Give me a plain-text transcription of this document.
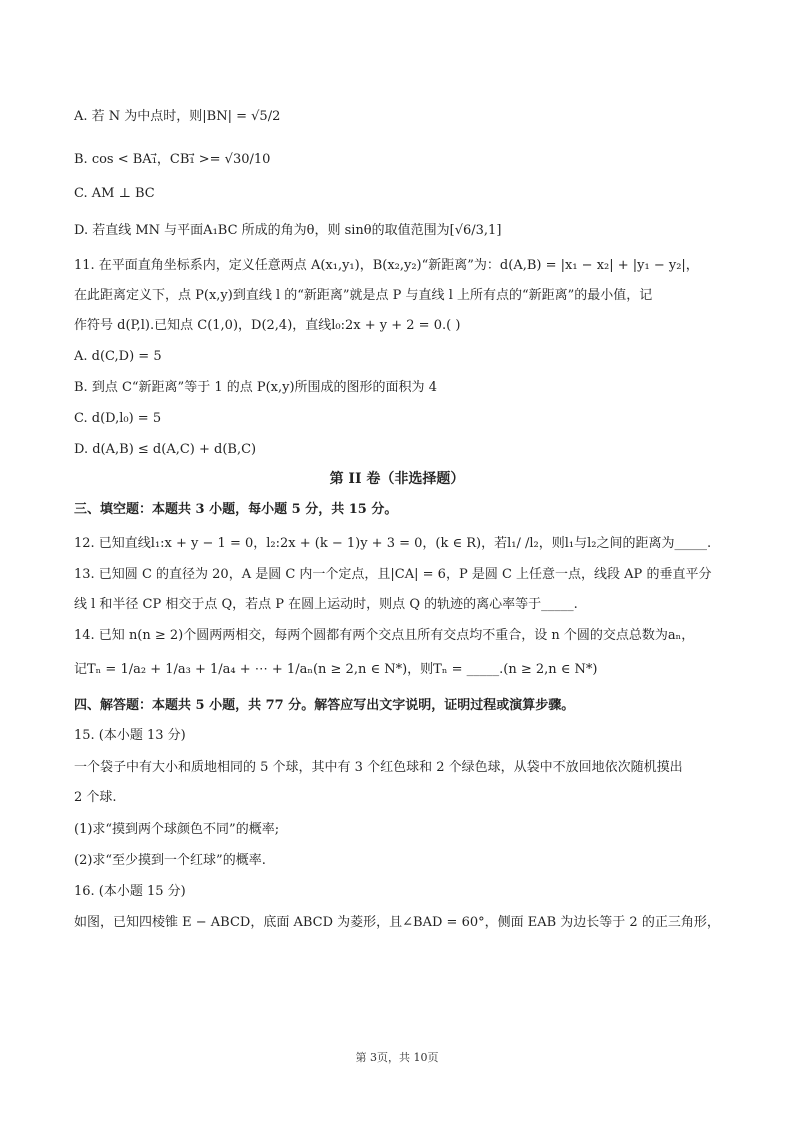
A. 若 N 为中点时，则|BN| = √5/2
B. cos < BA₁⃗，CB₁⃗ >= √30/10
C. AM ⊥ BC
D. 若直线 MN 与平面A₁BC 所成的角为θ，则 sinθ的取值范围为[√6/3,1]
11. 在平面直角坐标系内，定义任意两点 A(x₁,y₁)，B(x₂,y₂)“新距离”为：d(A,B) = |x₁ − x₂| + |y₁ − y₂|，
在此距离定义下，点 P(x,y)到直线 l 的“新距离”就是点 P 与直线 l 上所有点的“新距离”的最小值，记
作符号 d(P,l).已知点 C(1,0)，D(2,4)，直线l₀:2x + y + 2 = 0.( )
A. d(C,D) = 5
B. 到点 C“新距离”等于 1 的点 P(x,y)所围成的图形的面积为 4
C. d(D,l₀) = 5
D. d(A,B) ≤ d(A,C) + d(B,C)
第 II 卷（非选择题）
三、填空题：本题共 3 小题，每小题 5 分，共 15 分。
12. 已知直线l₁:x + y − 1 = 0，l₂:2x + (k − 1)y + 3 = 0，(k ∈ R)，若l₁/ /l₂，则l₁与l₂之间的距离为_____.
13. 已知圆 C 的直径为 20，A 是圆 C 内一个定点，且|CA| = 6，P 是圆 C 上任意一点，线段 AP 的垂直平分
线 l 和半径 CP 相交于点 Q，若点 P 在圆上运动时，则点 Q 的轨迹的离心率等于_____.
14. 已知 n(n ≥ 2)个圆两两相交，每两个圆都有两个交点且所有交点均不重合，设 n 个圆的交点总数为aₙ，
记Tₙ = 1/a₂ + 1/a₃ + 1/a₄ + ⋯ + 1/aₙ(n ≥ 2,n ∈ N*)，则Tₙ = _____.(n ≥ 2,n ∈ N*)
四、解答题：本题共 5 小题，共 77 分。解答应写出文字说明，证明过程或演算步骤。
15. (本小题 13 分)
一个袋子中有大小和质地相同的 5 个球，其中有 3 个红色球和 2 个绿色球，从袋中不放回地依次随机摸出
2 个球.
(1)求“摸到两个球颜色不同”的概率;
(2)求“至少摸到一个红球”的概率.
16. (本小题 15 分)
如图，已知四棱锥 E − ABCD，底面 ABCD 为菱形，且∠BAD = 60°，侧面 EAB 为边长等于 2 的正三角形，
第 3页，共 10页
